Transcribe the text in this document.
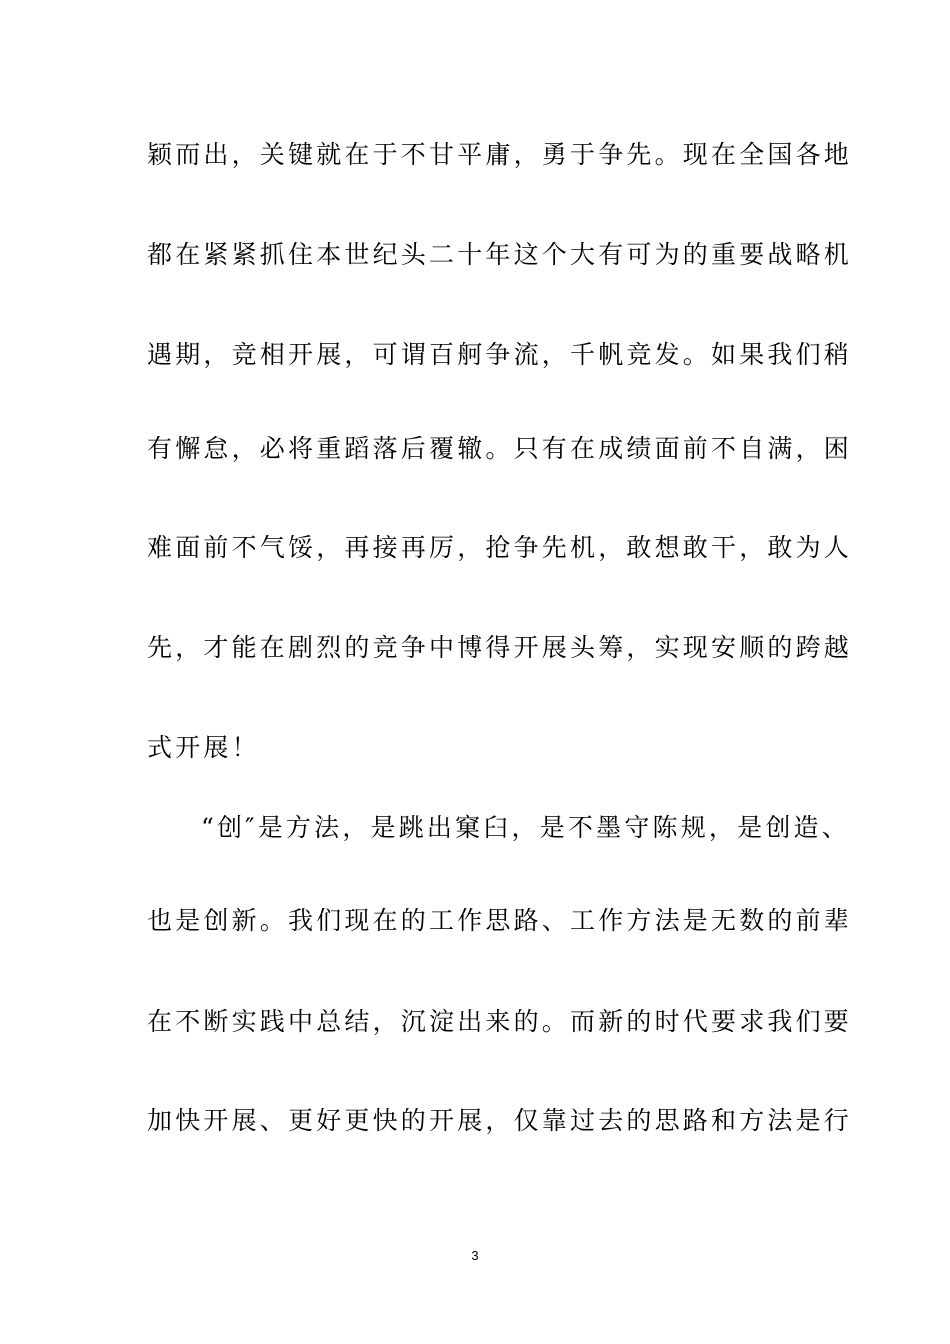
颖而出，关键就在于不甘平庸，勇于争先。现在全国各地
都在紧紧抓住本世纪头二十年这个大有可为的重要战略机
遇期，竞相开展，可谓百舸争流，千帆竞发。如果我们稍
有懈怠，必将重蹈落后覆辙。只有在成绩面前不自满，困
难面前不气馁，再接再厉，抢争先机，敢想敢干，敢为人
先，才能在剧烈的竞争中博得开展头筹，实现安顺的跨越
式开展！
“创″是方法，是跳出窠臼，是不墨守陈规，是创造、
也是创新。我们现在的工作思路、工作方法是无数的前辈
在不断实践中总结，沉淀出来的。而新的时代要求我们要
加快开展、更好更快的开展，仅靠过去的思路和方法是行
3
